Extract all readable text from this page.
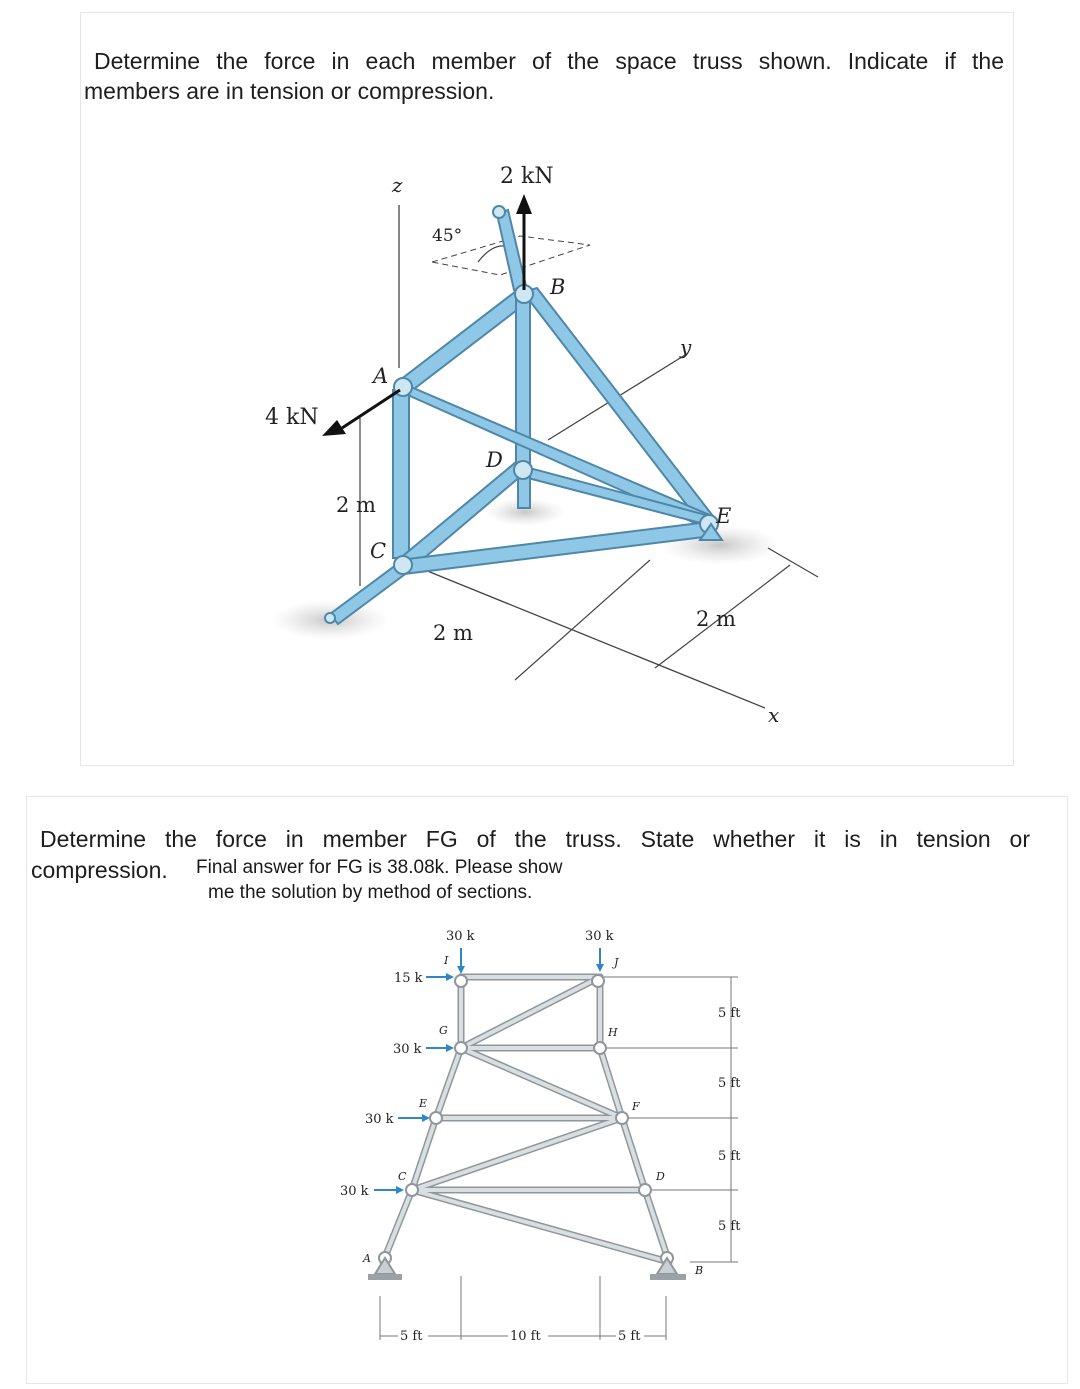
Determine the force in each member of the space truss shown. Indicate if the
members are in tension or compression.
2 kN
4 kN
45°
z
y
x
2 m
2 m
2 m
A
B
C
D
E
Determine the force in member FG of the truss. State whether it is in tension or
compression. Final answer for FG is 38.08k. Please show
me the solution by method of sections.
30 k	30 k
15 k
30 k
30 k
30 k
5 ft
5 ft
5 ft
5 ft
5 ft	10 ft	5 ft
I	J
G	H
E	F
C	D
A
B
